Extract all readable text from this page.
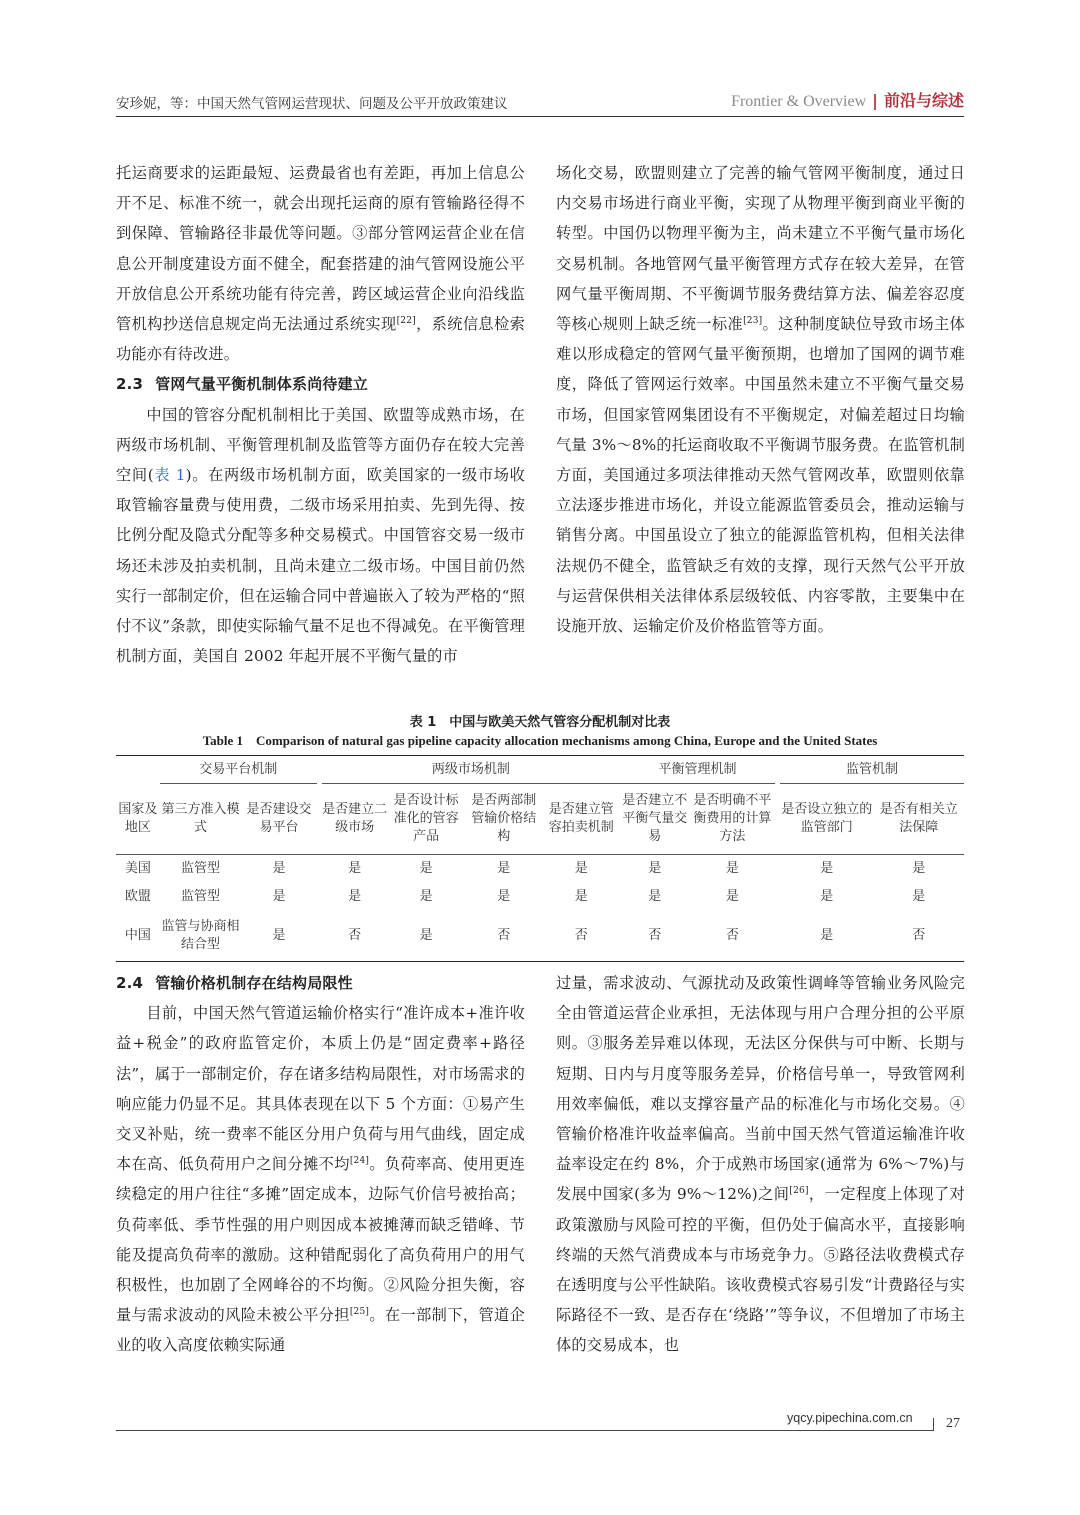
安珍妮，等：中国天然气管网运营现状、问题及公平开放政策建议	Frontier & Overview | 前沿与综述

托运商要求的运距最短、运费最省也有差距，再加上信息公开不足、标准不统一，就会出现托运商的原有管输路径得不到保障、管输路径非最优等问题。③部分管网运营企业在信息公开制度建设方面不健全，配套搭建的油气管网设施公平开放信息公开系统功能有待完善，跨区域运营企业向沿线监管机构抄送信息规定尚无法通过系统实现[22]，系统信息检索功能亦有待改进。

2.3 管网气量平衡机制体系尚待建立

中国的管容分配机制相比于美国、欧盟等成熟市场，在两级市场机制、平衡管理机制及监管等方面仍存在较大完善空间(表 1)。在两级市场机制方面，欧美国家的一级市场收取管输容量费与使用费，二级市场采用拍卖、先到先得、按比例分配及隐式分配等多种交易模式。中国管容交易一级市场还未涉及拍卖机制，且尚未建立二级市场。中国目前仍然实行一部制定价，但在运输合同中普遍嵌入了较为严格的“照付不议”条款，即使实际输气量不足也不得减免。在平衡管理机制方面，美国自 2002 年起开展不平衡气量的市

场化交易，欧盟则建立了完善的输气管网平衡制度，通过日内交易市场进行商业平衡，实现了从物理平衡到商业平衡的转型。中国仍以物理平衡为主，尚未建立不平衡气量市场化交易机制。各地管网气量平衡管理方式存在较大差异，在管网气量平衡周期、不平衡调节服务费结算方法、偏差容忍度等核心规则上缺乏统一标准[23]。这种制度缺位导致市场主体难以形成稳定的管网气量平衡预期，也增加了国网的调节难度，降低了管网运行效率。中国虽然未建立不平衡气量交易市场，但国家管网集团设有不平衡规定，对偏差超过日均输气量 3%～8%的托运商收取不平衡调节服务费。在监管机制方面，美国通过多项法律推动天然气管网改革，欧盟则依靠立法逐步推进市场化，并设立能源监管委员会，推动运输与销售分离。中国虽设立了独立的能源监管机构，但相关法律法规仍不健全，监管缺乏有效的支撑，现行天然气公平开放与运营保供相关法律体系层级较低、内容零散，主要集中在设施开放、运输定价及价格监管等方面。

表 1　中国与欧美天然气管容分配机制对比表
Table 1　Comparison of natural gas pipeline capacity allocation mechanisms among China, Europe and the United States
	交易平台机制			两级市场机制				平衡管理机制			监管机制	
国家及地区	第三方准入模式	是否建设交易平台		是否建立二级市场	是否设计标准化的管容产品	是否两部制管输价格结构	是否建立管容拍卖机制	是否建立不平衡气量交易	是否明确不平衡费用的计算方法		是否设立独立的监管部门	是否有相关立法保障
美国	监管型	是		是	是	是	是	是	是		是	是
欧盟	监管型	是		是	是	是	是	是	是		是	是
中国	监管与协商相结合型	是		否	是	否	否	否	否		是	否

2.4 管输价格机制存在结构局限性

目前，中国天然气管道运输价格实行“准许成本+准许收益+税金”的政府监管定价，本质上仍是“固定费率+路径法”，属于一部制定价，存在诸多结构局限性，对市场需求的响应能力仍显不足。其具体表现在以下 5 个方面：①易产生交叉补贴，统一费率不能区分用户负荷与用气曲线，固定成本在高、低负荷用户之间分摊不均[24]。负荷率高、使用更连续稳定的用户往往“多摊”固定成本，边际气价信号被抬高；负荷率低、季节性强的用户则因成本被摊薄而缺乏错峰、节能及提高负荷率的激励。这种错配弱化了高负荷用户的用气积极性，也加剧了全网峰谷的不均衡。②风险分担失衡，容量与需求波动的风险未被公平分担[25]。在一部制下，管道企业的收入高度依赖实际通

过量，需求波动、气源扰动及政策性调峰等管输业务风险完全由管道运营企业承担，无法体现与用户合理分担的公平原则。③服务差异难以体现，无法区分保供与可中断、长期与短期、日内与月度等服务差异，价格信号单一，导致管网利用效率偏低，难以支撑容量产品的标准化与市场化交易。④管输价格准许收益率偏高。当前中国天然气管道运输准许收益率设定在约 8%，介于成熟市场国家(通常为 6%～7%)与发展中国家(多为 9%～12%)之间[26]，一定程度上体现了对政策激励与风险可控的平衡，但仍处于偏高水平，直接影响终端的天然气消费成本与市场竞争力。⑤路径法收费模式存在透明度与公平性缺陷。该收费模式容易引发“计费路径与实际路径不一致、是否存在‘绕路’”等争议，不但增加了市场主体的交易成本，也

yqcy.pipechina.com.cn 27
